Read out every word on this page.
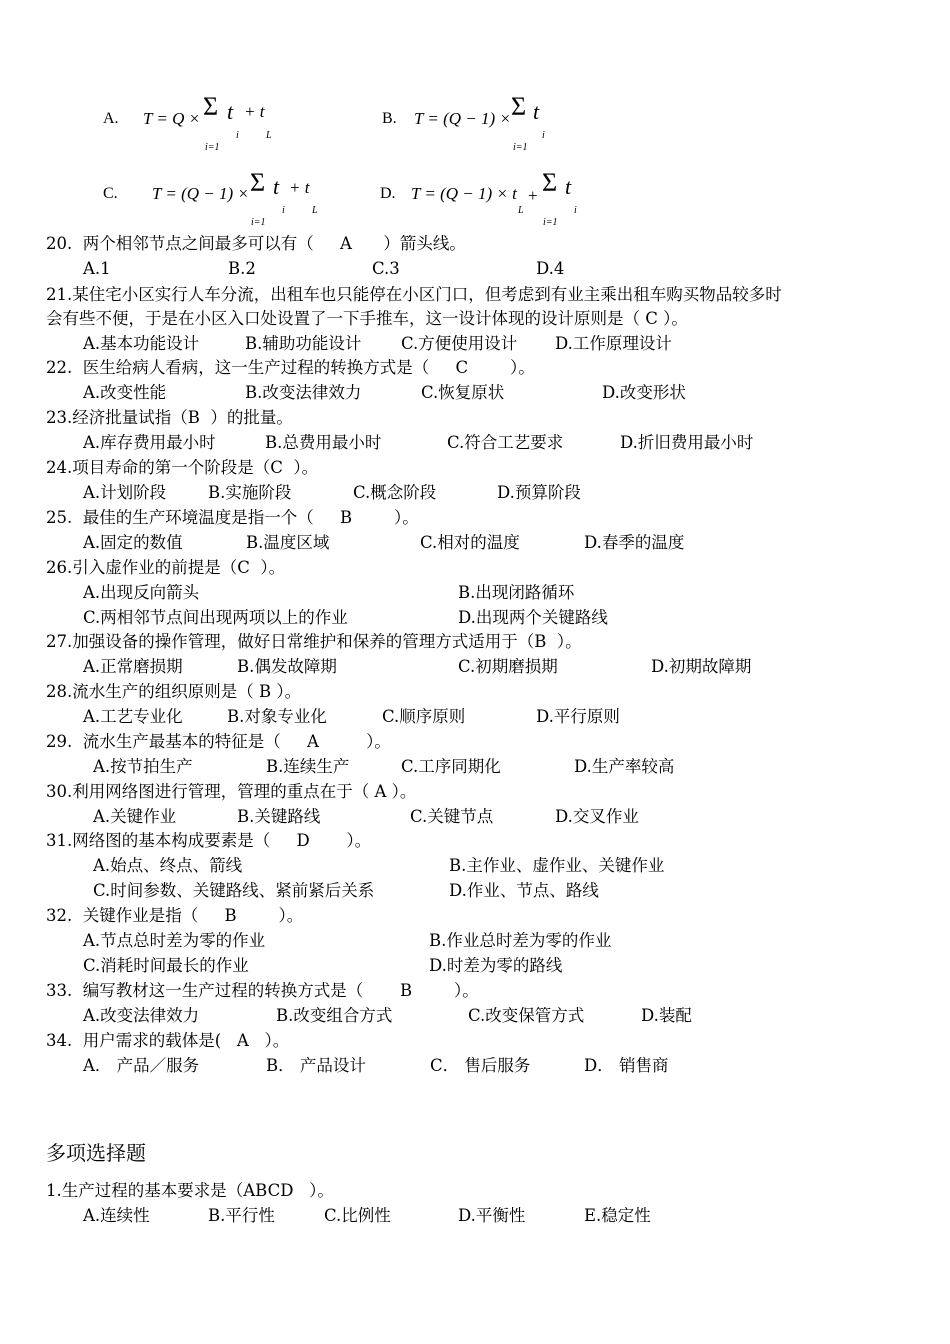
A. T = Q × Σ t
i
i=1
+ t
L
B. T = (Q − 1) × Σ t
i
i=1
C. T = (Q − 1) × Σ t
i
i=1
+ t
L
D. T = (Q − 1) × t
L
+ Σ t
i
i=1
20.  两个相邻节点之间最多可以有（     A      ）箭头线。
A.1	B.2	C.3	D.4
21.某住宅小区实行人车分流，出租车也只能停在小区门口，但考虑到有业主乘出租车购买物品较多时
会有些不便，于是在小区入口处设置了一下手推车，这一设计体现的设计原则是（ C ）。
A.基本功能设计	B.辅助功能设计 C.方便使用设计 D.工作原理设计
22.  医生给病人看病，这一生产过程的转换方式是（     C        ）。
A.改变性能	B.改变法律效力	C.恢复原状	D.改变形状
23.经济批量试指（B  ）的批量。
A.库存费用最小时	B.总费用最小时	C.符合工艺要求	D.折旧费用最小时
24.项目寿命的第一个阶段是（C  ）。
A.计划阶段	B.实施阶段	C.概念阶段	D.预算阶段
25.  最佳的生产环境温度是指一个（     B        ）。
A.固定的数值	B.温度区域	C.相对的温度	D.春季的温度
26.引入虚作业的前提是（C  ）。
A.出现反向箭头	B.出现闭路循环
C.两相邻节点间出现两项以上的作业	D.出现两个关键路线
27.加强设备的操作管理，做好日常维护和保养的管理方式适用于（B  ）。
A.正常磨损期	B.偶发故障期	C.初期磨损期	D.初期故障期
28.流水生产的组织原则是（ B ）。
A.工艺专业化	B.对象专业化	C.顺序原则	D.平行原则
29.  流水生产最基本的特征是（     A         ）。
A.按节拍生产	B.连续生产	C.工序同期化	D.生产率较高
30.利用网络图进行管理，管理的重点在于（ A ）。
A.关键作业	B.关键路线	C.关键节点	D.交叉作业
31.网络图的基本构成要素是（     D       ）。
A.始点、终点、箭线	B.主作业、虚作业、关键作业
C.时间参数、关键路线、紧前紧后关系	D.作业、节点、路线
32.  关键作业是指（     B        ）。
A.节点总时差为零的作业	B.作业总时差为零的作业
C.消耗时间最长的作业	D.时差为零的路线
33.  编写教材这一生产过程的转换方式是（       B        ）。
A.改变法律效力	B.改变组合方式	C.改变保管方式	D.装配
34.  用户需求的载体是(   A   ）。
A． 产品／服务	B． 产品设计	C． 售后服务	D． 销售商
多项选择题
1.生产过程的基本要求是（ABCD   ）。
A.连续性	B.平行性	C.比例性	D.平衡性	E.稳定性
